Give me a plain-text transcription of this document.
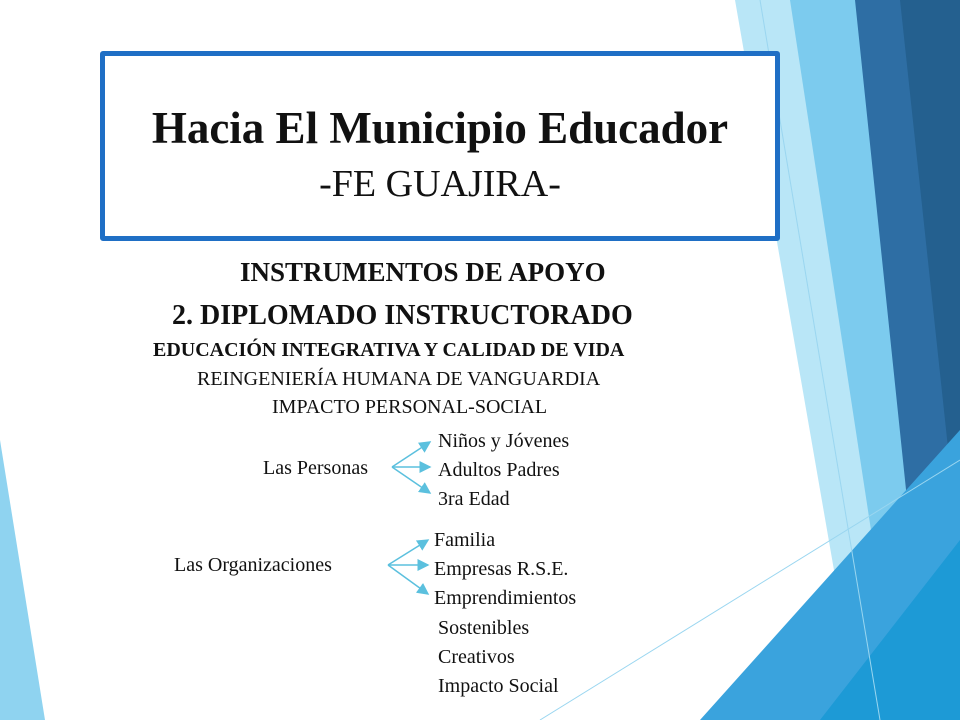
Hacia El Municipio Educador
-FE GUAJIRA-
INSTRUMENTOS DE APOYO
2. DIPLOMADO INSTRUCTORADO
EDUCACIÓN INTEGRATIVA Y CALIDAD DE VIDA
REINGENIERÍA HUMANA DE VANGUARDIA
IMPACTO PERSONAL-SOCIAL
Las Personas
Niños y Jóvenes
Adultos Padres
3ra Edad
Las Organizaciones
Familia
Empresas R.S.E.
Emprendimientos
Sostenibles
Creativos
Impacto Social
